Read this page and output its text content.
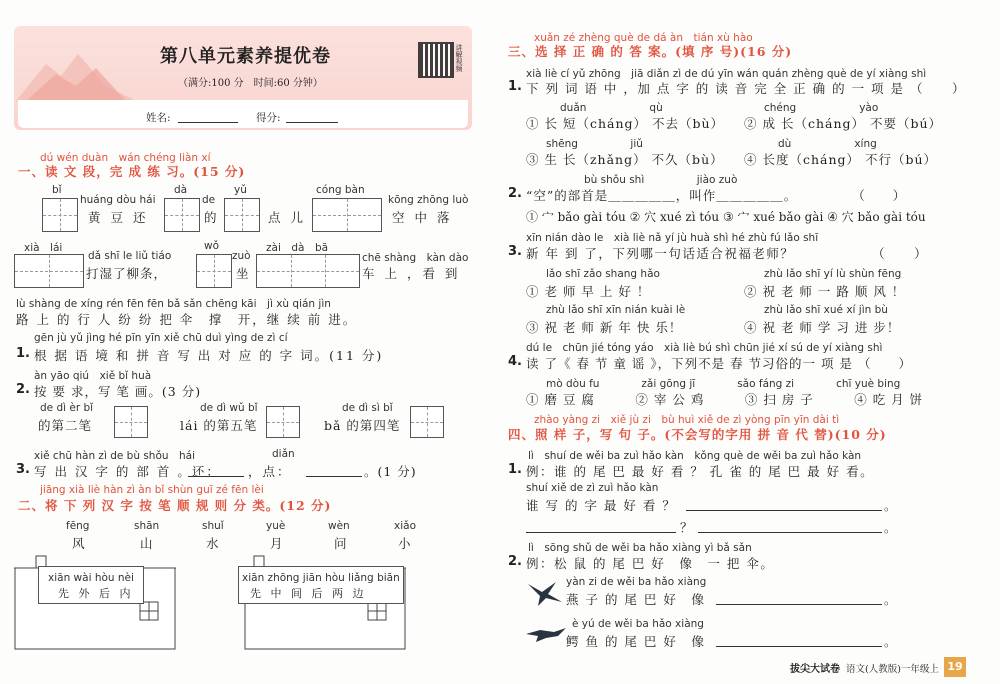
第八单元素养提优卷
（满分:100 分　时间:60 分钟）
讲解视频
姓名:	得分:
dú wén duàn　wán chéng liàn xí
一、读 文 段，完 成 练 习。(15 分)
bǐ
huáng dòu hái
dà
de
yǔ	cóng bàn
kōng zhōng luò
黄 豆 还	的	点 儿	空 中 落
xià　lái
dǎ shī le liǔ tiáo
wǒ
zuò
zài　dà　bā
chē shàng　kàn dào
打湿了柳条，	坐	车 上 ，看 到
lù shàng de xíng rén fēn fēn bǎ sǎn chēng kāi　jì xù qián jìn
路 上 的 行 人 纷 纷 把 伞　撑　开，继 续 前 进。
gēn jù yǔ jìng hé pīn yīn xiě chū duì yìng de zì cí
1. 根 据 语 境 和 拼 音 写 出 对 应 的 字 词。(11 分)
àn yāo qiú　xiě bǐ huà
2. 按 要 求，写 笔 画。(3 分)
de dì èr bǐ
的第二笔
de dì wǔ bǐ
lái 的第五笔
de dì sì bǐ
bǎ 的第四笔
xiě chū hàn zì de bù shǒu　hái	diǎn
3. 写 出 汉 字 的 部 首 。还： ，点：	。(1 分)
jiāng xià liè hàn zì àn bǐ shùn guī zé fēn lèi
二、将 下 列 汉 字 按 笔 顺 规 则 分 类。(12 分)
fēng
风
shān
山
shuǐ
水
yuè
月
wèn
问
xiǎo
小
xiān wài hòu nèi
先 外 后 内
xiān zhōng jiān hòu liǎng biān
先 中 间 后 两 边
xuǎn zé zhèng què de dá àn　tián xù hào
三、选 择 正 确 的 答 案。(填 序 号)(16 分)
xià liè cí yǔ zhōng　jiā diǎn zì de dú yīn wán quán zhèng què de yí xiàng shì
1. 下 列 词 语 中 ，加 点 字 的 读 音 完 全 正 确 的 一 项 是 （　　）
duǎn　　　　　　qù
① 长 短（cháng） 不去（bù）
chéng　　　　　　yào
② 成 长（cháng） 不要（bú）
shēng　　　　　jiǔ
③ 生 长（zhǎng） 不久（bù）
dù　　　　　　xíng
④ 长度（cháng） 不行（bú）
bù shǒu shì　　　　　jiào zuò
2. “空”的部首是＿＿＿＿＿，叫作＿＿＿＿＿。　　　　　（　　）
① 宀 bǎo gài tóu ② 穴 xué zì tóu ③ 宀 xué bǎo gài ④ 穴 bǎo gài tóu
xīn nián dào le　xià liè nǎ yí jù huà shì hé zhù fú lǎo shī
3. 新 年 到 了，下列哪一句话适合祝福老师？　　　　　　（　　）
lǎo shī zǎo shang hǎo
① 老 师 早 上 好 ！
zhù lǎo shī yí lù shùn fēng
② 祝 老 师 一 路 顺 风 ！
zhù lǎo shī xīn nián kuài lè
③ 祝 老 师 新 年 快 乐！
zhù lǎo shī xué xí jìn bù
④ 祝 老 师 学 习 进 步！
dú le　chūn jié tóng yáo　xià liè bú shì chūn jié xí sú de yí xiàng shì
4. 读 了《 春 节 童 谣 》，下列不是 春 节习俗的一 项 是 （　　）
mò dòu fu　　　　zǎi gōng jī　　　　sǎo fáng zi　　　　chī yuè bing
① 磨 豆 腐　　　② 宰 公 鸡　　　③ 扫 房 子　　　④ 吃 月 饼
zhào yàng zi　xiě jù zi　bù huì xiě de zì yòng pīn yīn dài tì
四、照 样 子，写 句 子。(不会写的字用 拼 音 代 替)(10 分)
lì　shuí de wěi ba zuì hǎo kàn　kǒng què de wěi ba zuì hǎo kàn
1. 例：谁 的 尾 巴 最 好 看 ？ 孔 雀 的 尾 巴 最 好 看。
shuí xiě de zì zuì hǎo kàn
谁 写 的 字 最 好 看 ？	。
？	。
lì　sōng shǔ de wěi ba hǎo xiàng yì bǎ sǎn
2. 例：松 鼠 的 尾 巴 好　像　一 把 伞。
yàn zi de wěi ba hǎo xiàng
燕 子 的 尾 巴 好　像	。
è yú de wěi ba hǎo xiàng
鳄 鱼 的 尾 巴 好　像	。
拔尖大试卷 语文(人教版)一年级上 19
